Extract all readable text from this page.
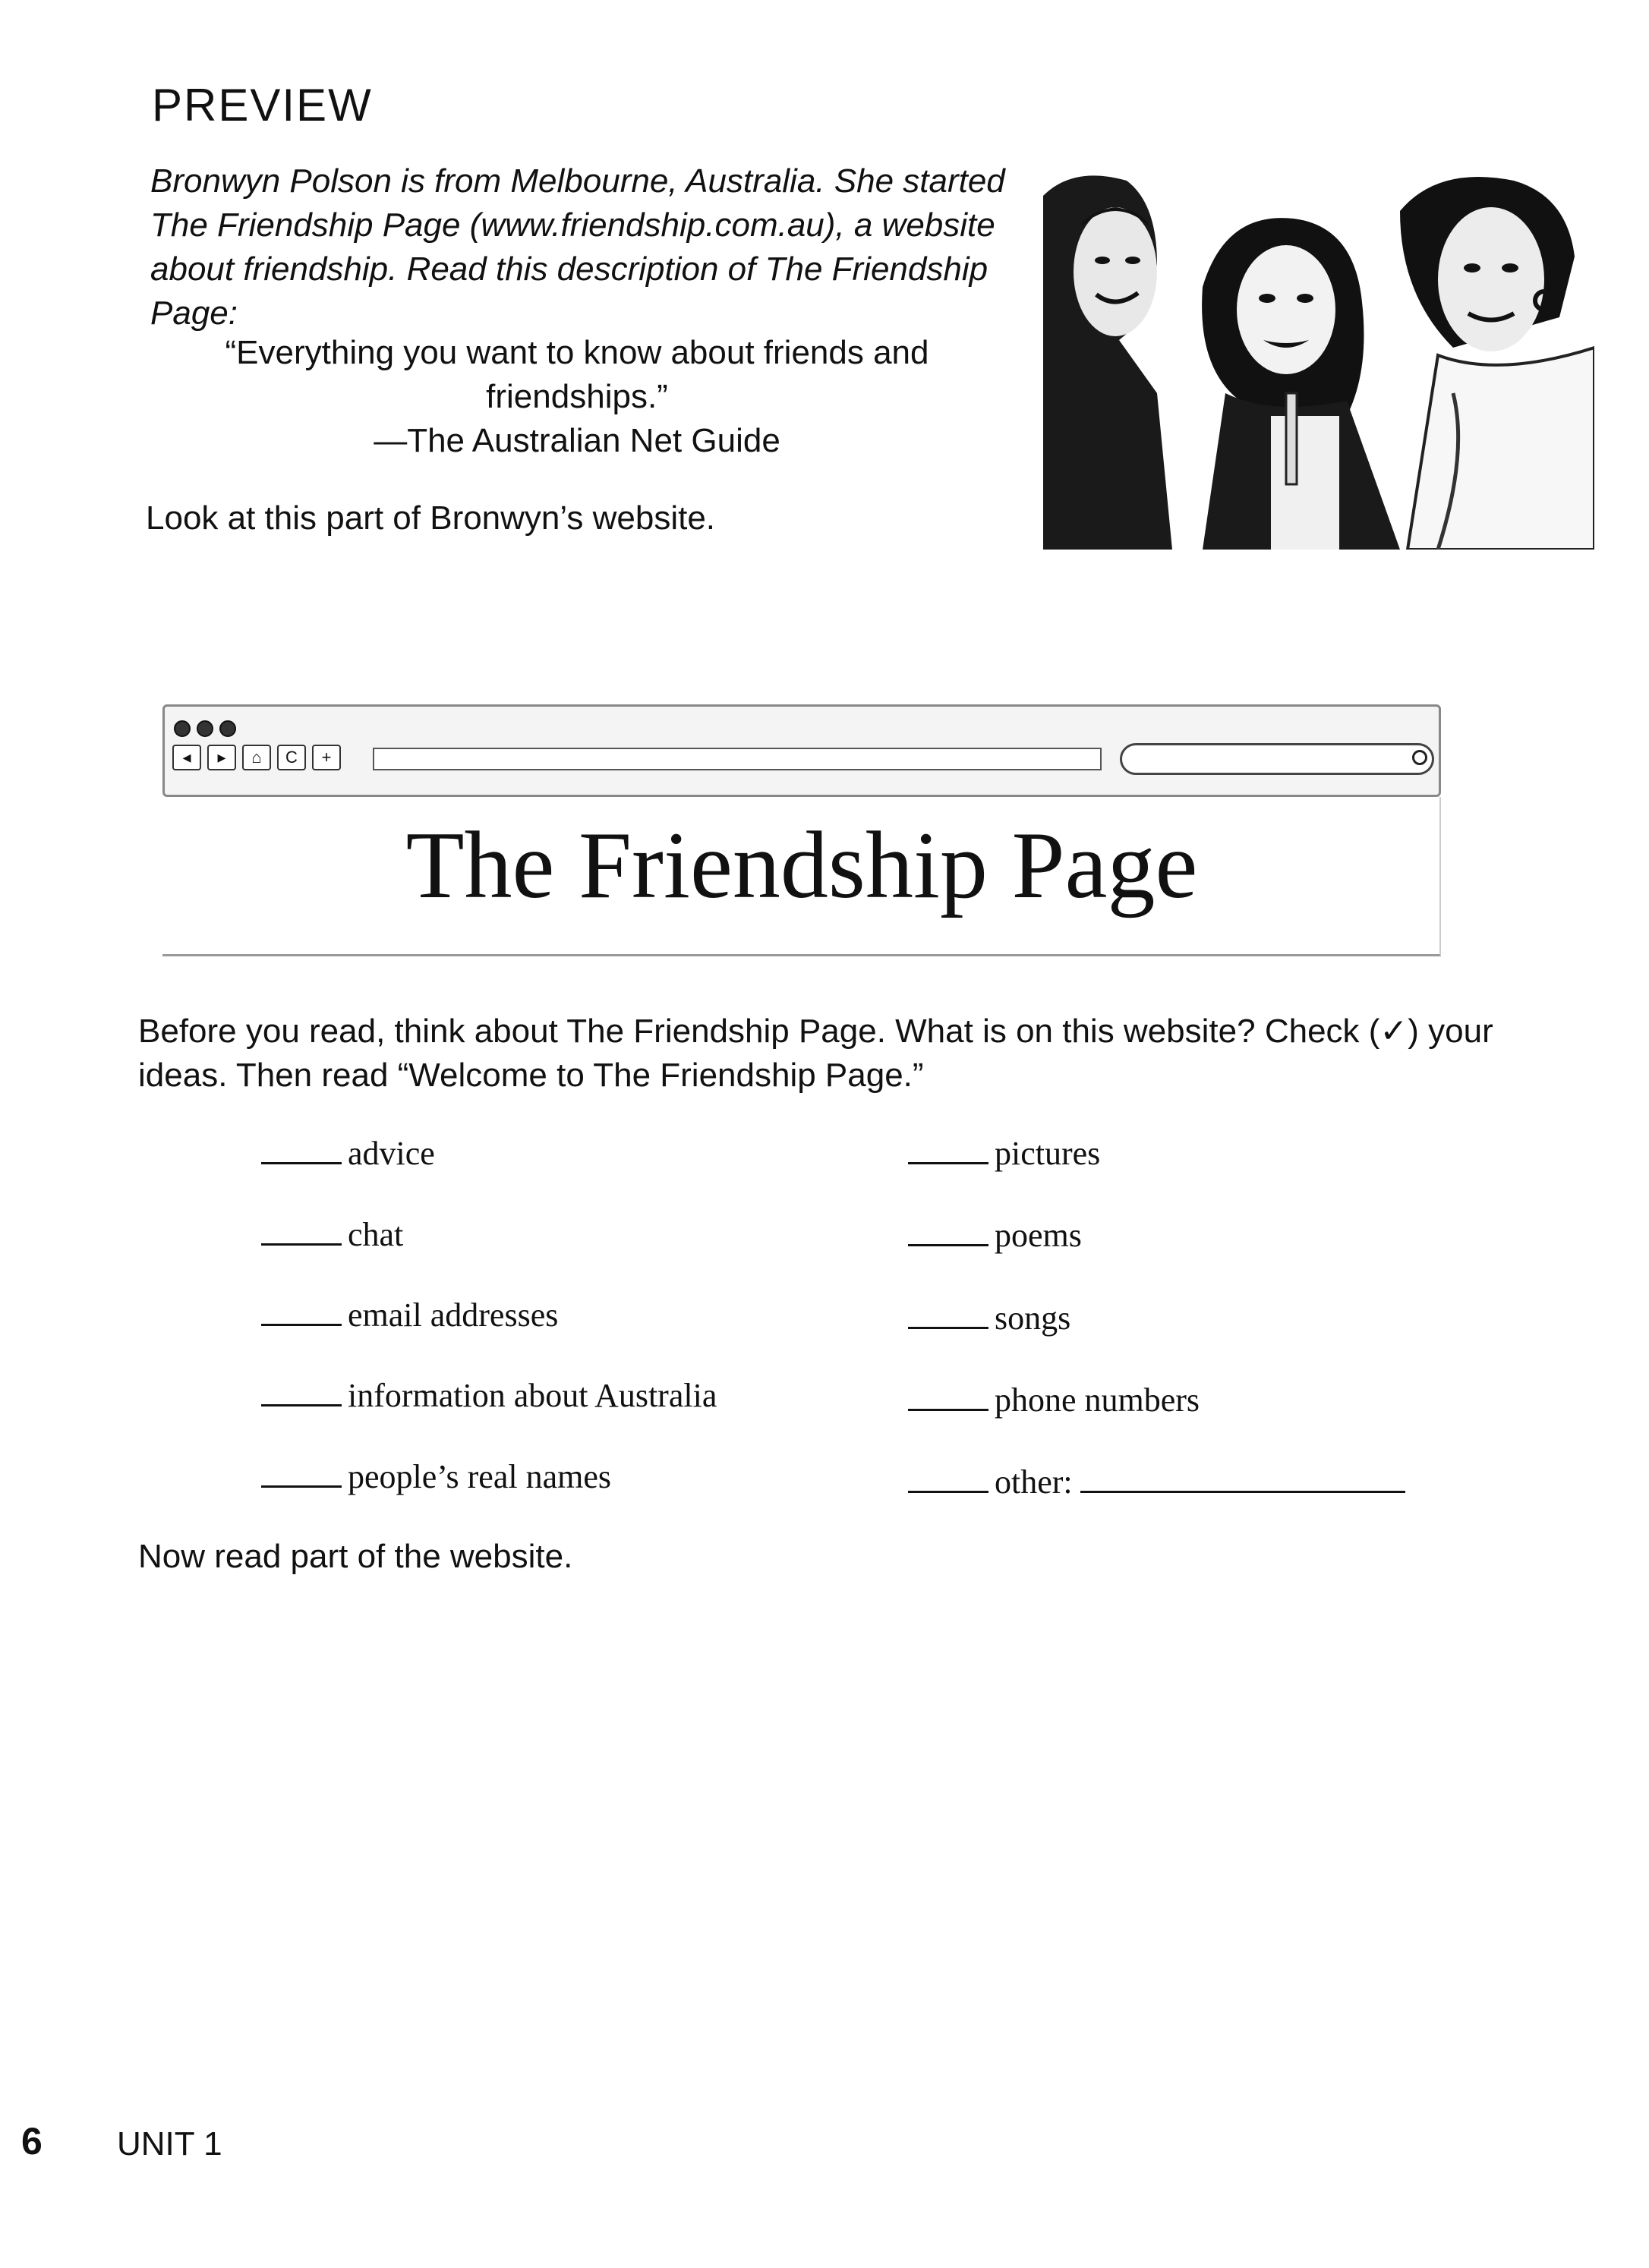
PREVIEW
Bronwyn Polson is from Melbourne, Australia. She started The Friendship Page (www.friendship.com.au), a website about friendship. Read this description of The Friendship Page:
“Everything you want to know about friends and friendships.”
—The Australian Net Guide
Look at this part of Bronwyn’s website.
◂	▸	⌂	C	+
The Friendship Page
Before you read, think about The Friendship Page. What is on this website? Check (✓) your ideas. Then read “Welcome to The Friendship Page.”
advice
chat
email addresses
information about Australia
people’s real names
pictures
poems
songs
phone numbers
other:
Now read part of the website.
6 UNIT 1
